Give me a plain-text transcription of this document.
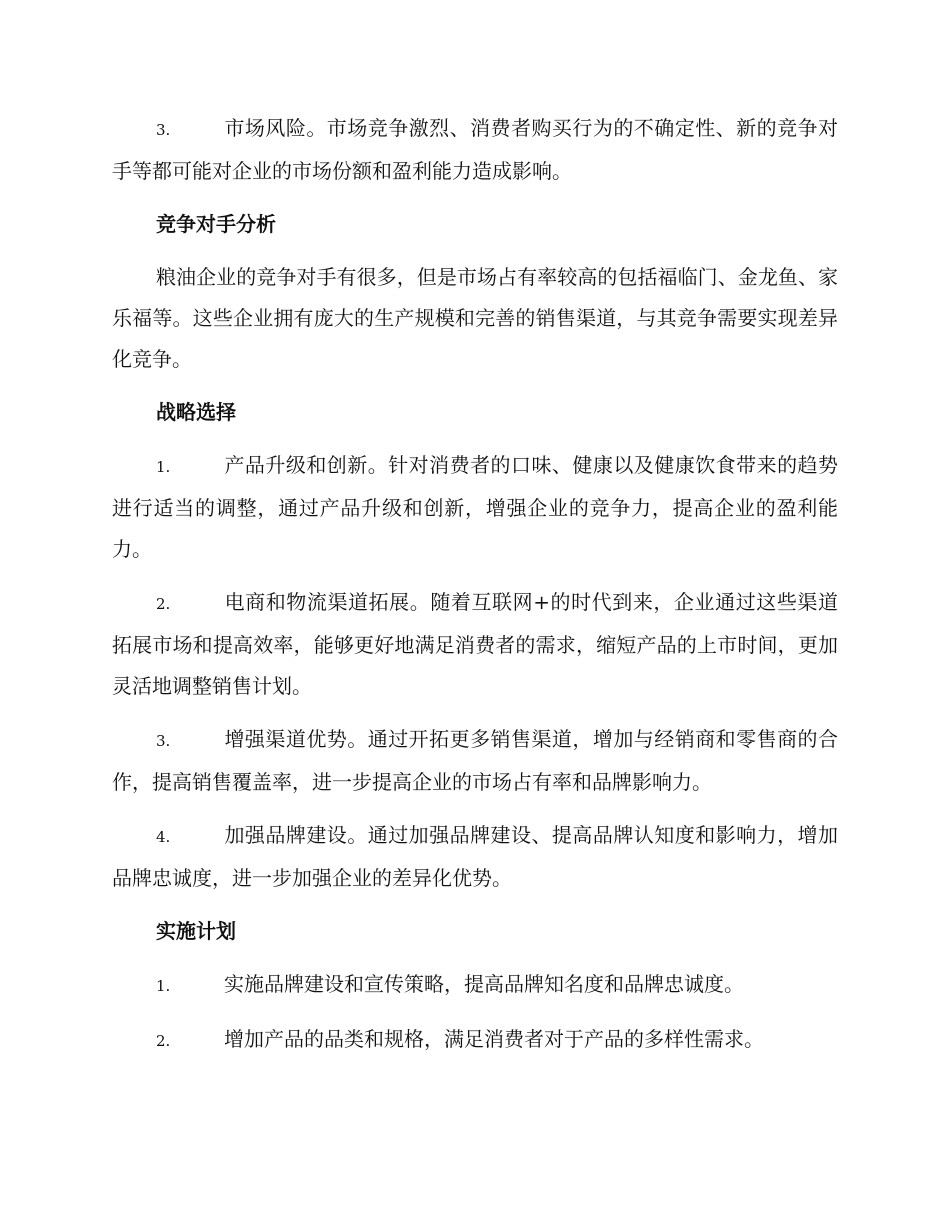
3.	市场风险。市场竞争激烈、消费者购买行为的不确定性、新的竞争对手等都可能对企业的市场份额和盈利能力造成影响。

竞争对手分析

粮油企业的竞争对手有很多，但是市场占有率较高的包括福临门、金龙鱼、家乐福等。这些企业拥有庞大的生产规模和完善的销售渠道，与其竞争需要实现差异化竞争。

战略选择

1.	产品升级和创新。针对消费者的口味、健康以及健康饮食带来的趋势进行适当的调整，通过产品升级和创新，增强企业的竞争力，提高企业的盈利能力。

2.	电商和物流渠道拓展。随着互联网+的时代到来，企业通过这些渠道拓展市场和提高效率，能够更好地满足消费者的需求，缩短产品的上市时间，更加灵活地调整销售计划。

3.	增强渠道优势。通过开拓更多销售渠道，增加与经销商和零售商的合作，提高销售覆盖率，进一步提高企业的市场占有率和品牌影响力。

4.	加强品牌建设。通过加强品牌建设、提高品牌认知度和影响力，增加品牌忠诚度，进一步加强企业的差异化优势。

实施计划

1.	实施品牌建设和宣传策略，提高品牌知名度和品牌忠诚度。

2.	增加产品的品类和规格，满足消费者对于产品的多样性需求。
